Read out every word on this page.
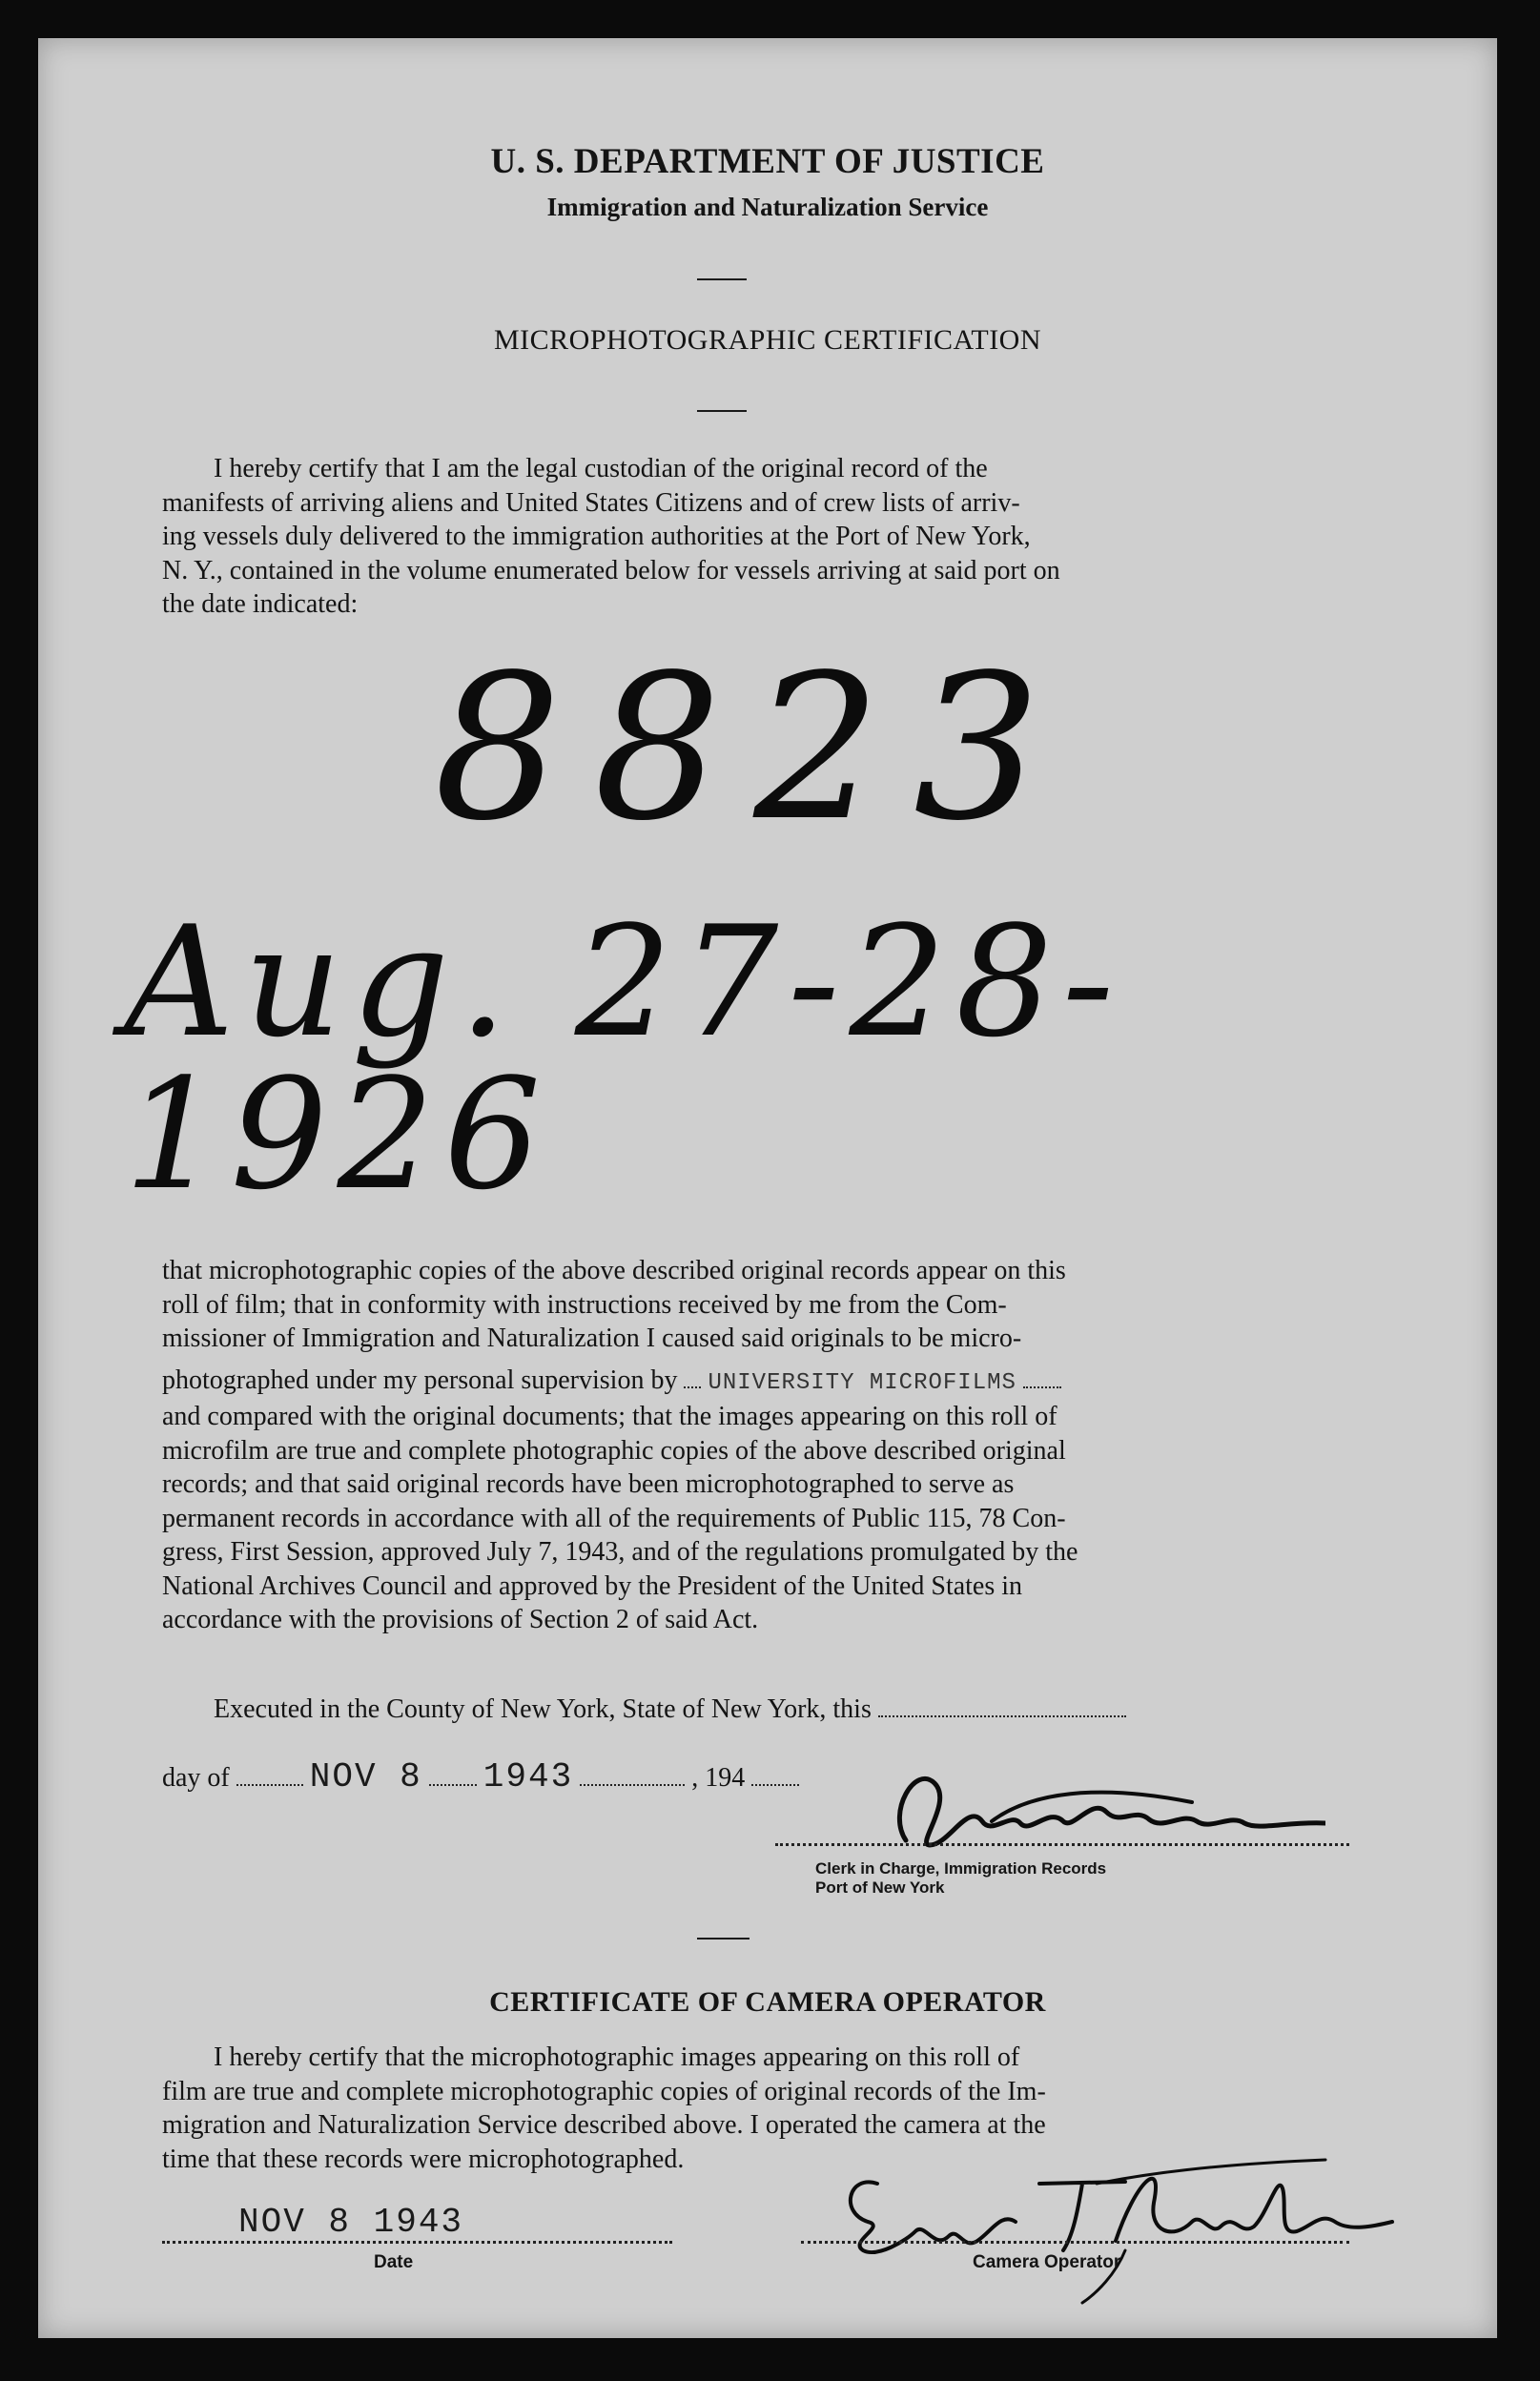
U. S. DEPARTMENT OF JUSTICE
Immigration and Naturalization Service
MICROPHOTOGRAPHIC CERTIFICATION
I hereby certify that I am the legal custodian of the original record of the
manifests of arriving aliens and United States Citizens and of crew lists of arriv-
ing vessels duly delivered to the immigration authorities at the Port of New York,
N. Y., contained in the volume enumerated below for vessels arriving at said port on
the date indicated:
8823
Aug. 27-28-1926
that microphotographic copies of the above described original records appear on this
roll of film; that in conformity with instructions received by me from the Com-
missioner of Immigration and Naturalization I caused said originals to be micro-
photographed under my personal supervision by UNIVERSITY MICROFILMS
and compared with the original documents; that the images appearing on this roll of
microfilm are true and complete photographic copies of the above described original
records; and that said original records have been microphotographed to serve as
permanent records in accordance with all of the requirements of Public 115, 78 Con-
gress, First Session, approved July 7, 1943, and of the regulations promulgated by the
National Archives Council and approved by the President of the United States in
accordance with the provisions of Section 2 of said Act.
Executed in the County of New York, State of New York, this
day of NOV 8 1943	, 194
Clerk in Charge, Immigration Records
Port of New York
CERTIFICATE OF CAMERA OPERATOR
I hereby certify that the microphotographic images appearing on this roll of
film are true and complete microphotographic copies of original records of the Im-
migration and Naturalization Service described above. I operated the camera at the
time that these records were microphotographed.
NOV 8 1943
Date	Camera Operator
